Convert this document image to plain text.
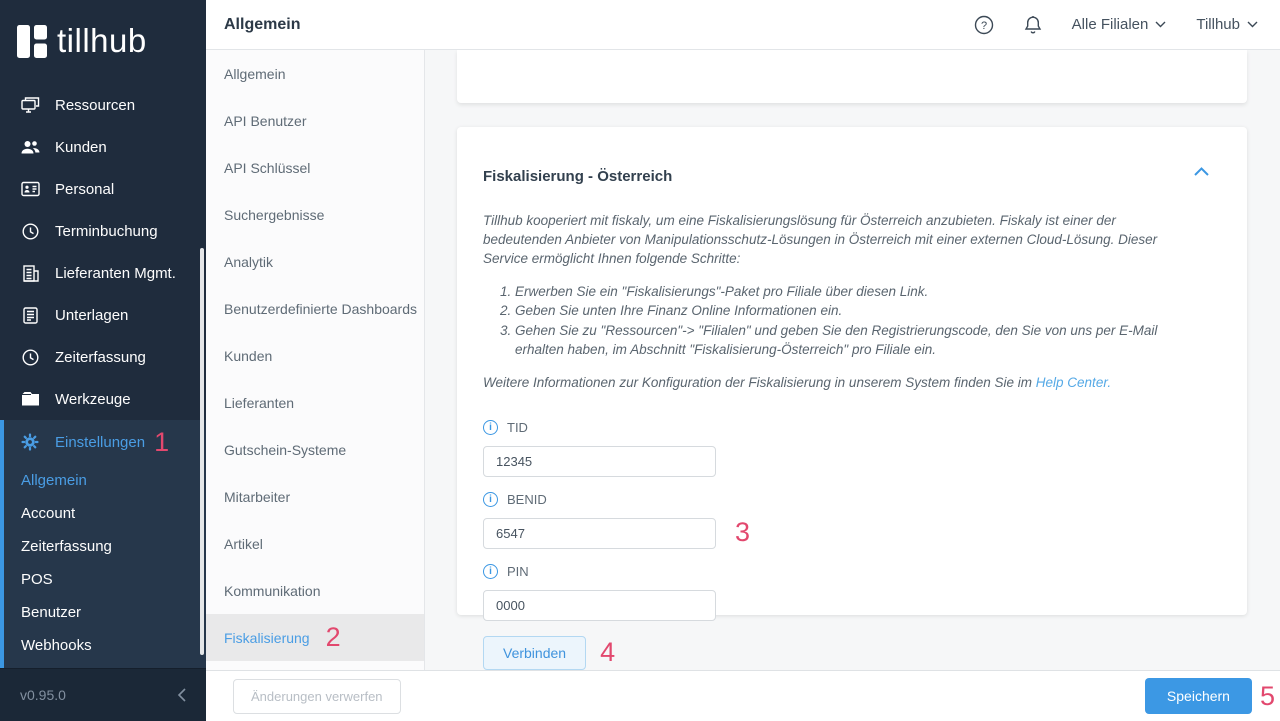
tillhub
Ressourcen
Kunden
Personal
Terminbuchung
Lieferanten Mgmt.
Unterlagen
Zeiterfassung
Werkzeuge
Einstellungen 1
Allgemein
Account
Zeiterfassung
POS
Benutzer
Webhooks
v0.95.0
Allgemein	?	Alle Filialen	Tillhub
Allgemein
API Benutzer
API Schlüssel
Suchergebnisse
Analytik
Benutzerdefinierte Dashboards
Kunden
Lieferanten
Gutschein-Systeme
Mitarbeiter
Artikel
Kommunikation
Fiskalisierung 2
Fiskalisierung - Österreich

Tillhub kooperiert mit fiskaly, um eine Fiskalisierungslösung für Österreich anzubieten. Fiskaly ist einer der bedeutenden Anbieter von Manipulationsschutz-Lösungen in Österreich mit einer externen Cloud-Lösung. Dieser Service ermöglicht Ihnen folgende Schritte:

1. Erwerben Sie ein "Fiskalisierungs"-Paket pro Filiale über diesen Link.
2. Geben Sie unten Ihre Finanz Online Informationen ein.
3. Gehen Sie zu "Ressourcen"-> "Filialen" und geben Sie den Registrierungscode, den Sie von uns per E-Mail erhalten haben, im Abschnitt "Fiskalisierung-Österreich" pro Filiale ein.

Weitere Informationen zur Konfiguration der Fiskalisierung in unserem System finden Sie im Help Center.

i
TID
12345
i
BENID
6547
3
i
PIN
0000
Verbinden	4
Änderungen verwerfen	Speichern	5
